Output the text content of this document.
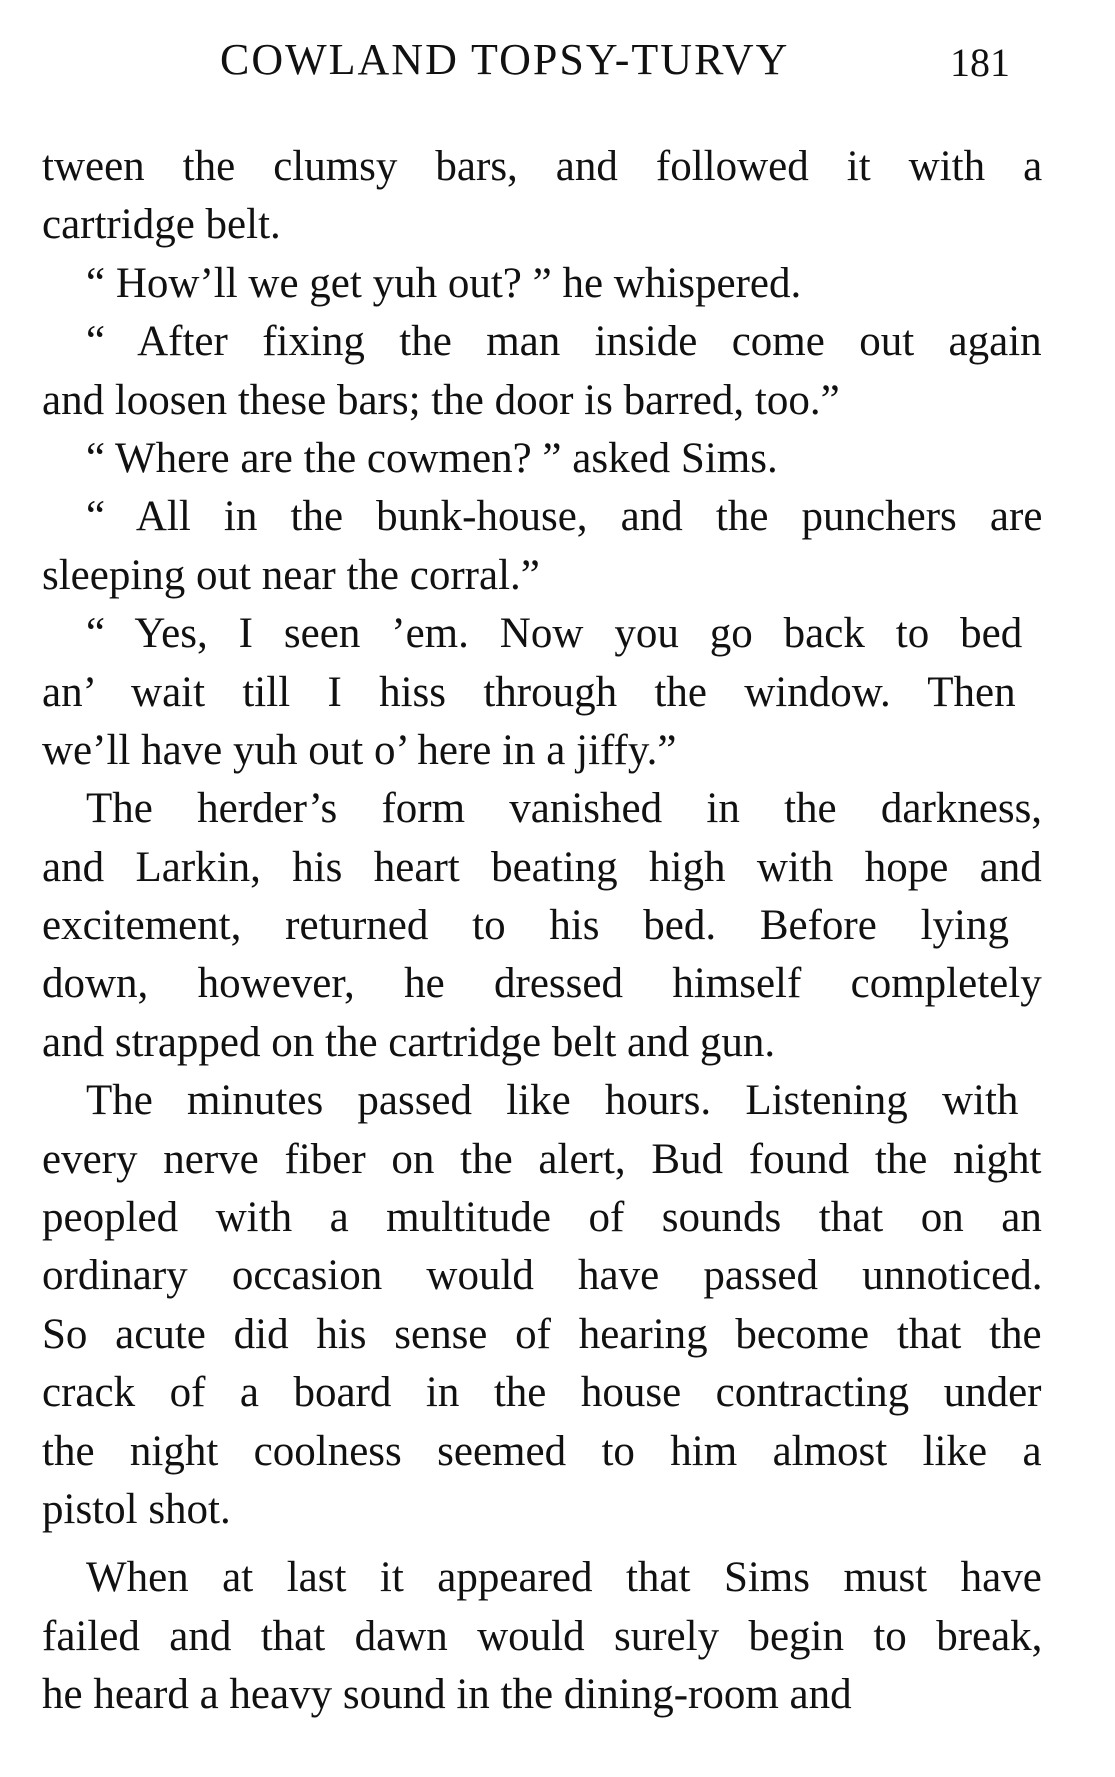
COWLAND TOPSY-TURVY	181
tween the clumsy bars, and followed it with a
cartridge belt.
“ How’ll we get yuh out? ” he whispered.
“ After fixing the man inside come out again
and loosen these bars; the door is barred, too.”
“ Where are the cowmen? ” asked Sims.
“ All in the bunk-house, and the punchers are
sleeping out near the corral.”
“ Yes, I seen ’em. Now you go back to bed
an’ wait till I hiss through the window. Then
we’ll have yuh out o’ here in a jiffy.”
The herder’s form vanished in the darkness,
and Larkin, his heart beating high with hope and
excitement, returned to his bed. Before lying
down, however, he dressed himself completely
and strapped on the cartridge belt and gun.
The minutes passed like hours. Listening with
every nerve fiber on the alert, Bud found the night
peopled with a multitude of sounds that on an
ordinary occasion would have passed unnoticed.
So acute did his sense of hearing become that the
crack of a board in the house contracting under
the night coolness seemed to him almost like a
pistol shot.
When at last it appeared that Sims must have
failed and that dawn would surely begin to break,
he heard a heavy sound in the dining-room and
